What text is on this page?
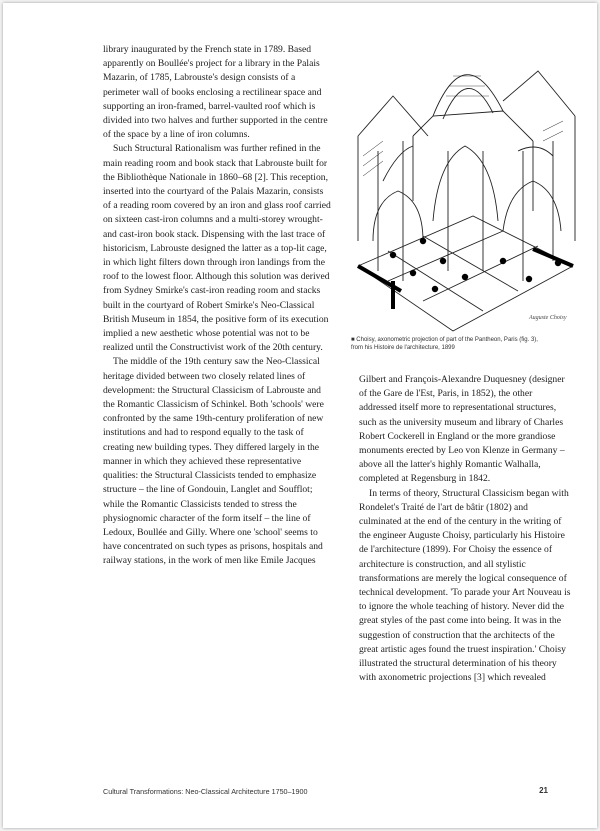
library inaugurated by the French state in 1789. Based apparently on Boullée's project for a library in the Palais Mazarin, of 1785, Labrouste's design consists of a perimeter wall of books enclosing a rectilinear space and supporting an iron-framed, barrel-vaulted roof which is divided into two halves and further supported in the centre of the space by a line of iron columns.

Such Structural Rationalism was further refined in the main reading room and book stack that Labrouste built for the Bibliothèque Nationale in 1860–68 [2]. This reception, inserted into the courtyard of the Palais Mazarin, consists of a reading room covered by an iron and glass roof carried on sixteen cast-iron columns and a multi-storey wrought- and cast-iron book stack. Dispensing with the last trace of historicism, Labrouste designed the latter as a top-lit cage, in which light filters down through iron landings from the roof to the lowest floor. Although this solution was derived from Sydney Smirke's cast-iron reading room and stacks built in the courtyard of Robert Smirke's Neo-Classical British Museum in 1854, the positive form of its execution implied a new aesthetic whose potential was not to be realized until the Constructivist work of the 20th century.

The middle of the 19th century saw the Neo-Classical heritage divided between two closely related lines of development: the Structural Classicism of Labrouste and the Romantic Classicism of Schinkel. Both 'schools' were confronted by the same 19th-century proliferation of new institutions and had to respond equally to the task of creating new building types. They differed largely in the manner in which they achieved these representative qualities: the Structural Classicists tended to emphasize structure – the line of Gondouin, Langlet and Soufflot; while the Romantic Classicists tended to stress the physiognomic character of the form itself – the line of Ledoux, Boullée and Gilly. Where one 'school' seems to have concentrated on such types as prisons, hospitals and railway stations, in the work of men like Emile Jacques

Auguste Choisy
■ Choisy, axonometric projection of part of the Pantheon, Paris (fig. 3), from his Histoire de l'architecture, 1899

Gilbert and François-Alexandre Duquesney (designer of the Gare de l'Est, Paris, in 1852), the other addressed itself more to representational structures, such as the university museum and library of Charles Robert Cockerell in England or the more grandiose monuments erected by Leo von Klenze in Germany – above all the latter's highly Romantic Walhalla, completed at Regensburg in 1842.

In terms of theory, Structural Classicism began with Rondelet's Traité de l'art de bâtir (1802) and culminated at the end of the century in the writing of the engineer Auguste Choisy, particularly his Histoire de l'architecture (1899). For Choisy the essence of architecture is construction, and all stylistic transformations are merely the logical consequence of technical development. 'To parade your Art Nouveau is to ignore the whole teaching of history. Never did the great styles of the past come into being. It was in the suggestion of construction that the architects of the great artistic ages found the truest inspiration.' Choisy illustrated the structural determination of his theory with axonometric projections [3] which revealed

Cultural Transformations: Neo-Classical Architecture 1750–1900	21
